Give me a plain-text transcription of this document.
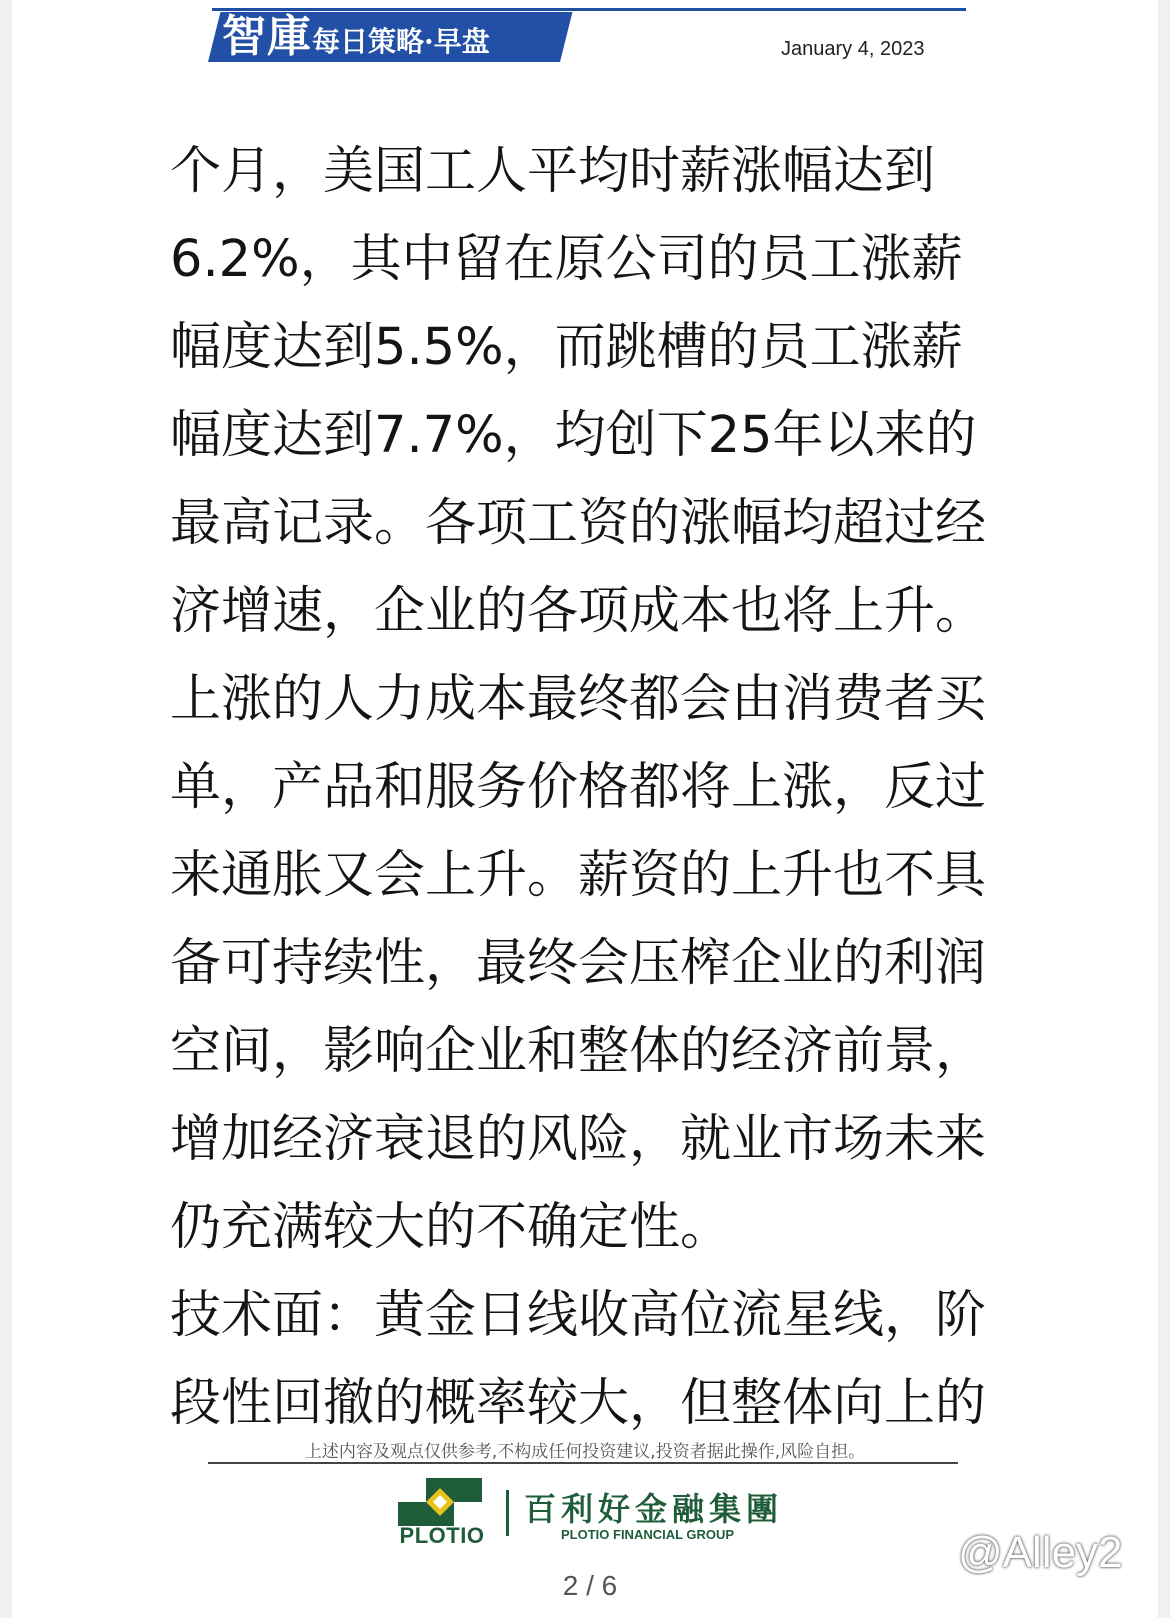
智庫每日策略·早盘	January 4, 2023

个月，美国工人平均时薪涨幅达到6.2%，其中留在原公司的员工涨薪幅度达到5.5%，而跳槽的员工涨薪幅度达到7.7%，均创下25年以来的最高记录。各项工资的涨幅均超过经济增速，企业的各项成本也将上升。

上涨的人力成本最终都会由消费者买单，产品和服务价格都将上涨，反过来通胀又会上升。薪资的上升也不具备可持续性，最终会压榨企业的利润空间，影响企业和整体的经济前景，增加经济衰退的风险，就业市场未来仍充满较大的不确定性。

技术面：黄金日线收高位流星线，阶段性回撤的概率较大，但整体向上的

上述内容及观点仅供参考,不构成任何投资建议,投资者据此操作,风险自担。
PLOTIO
百利好金融集團
PLOTIO FINANCIAL GROUP
2 / 6
@Alley2
